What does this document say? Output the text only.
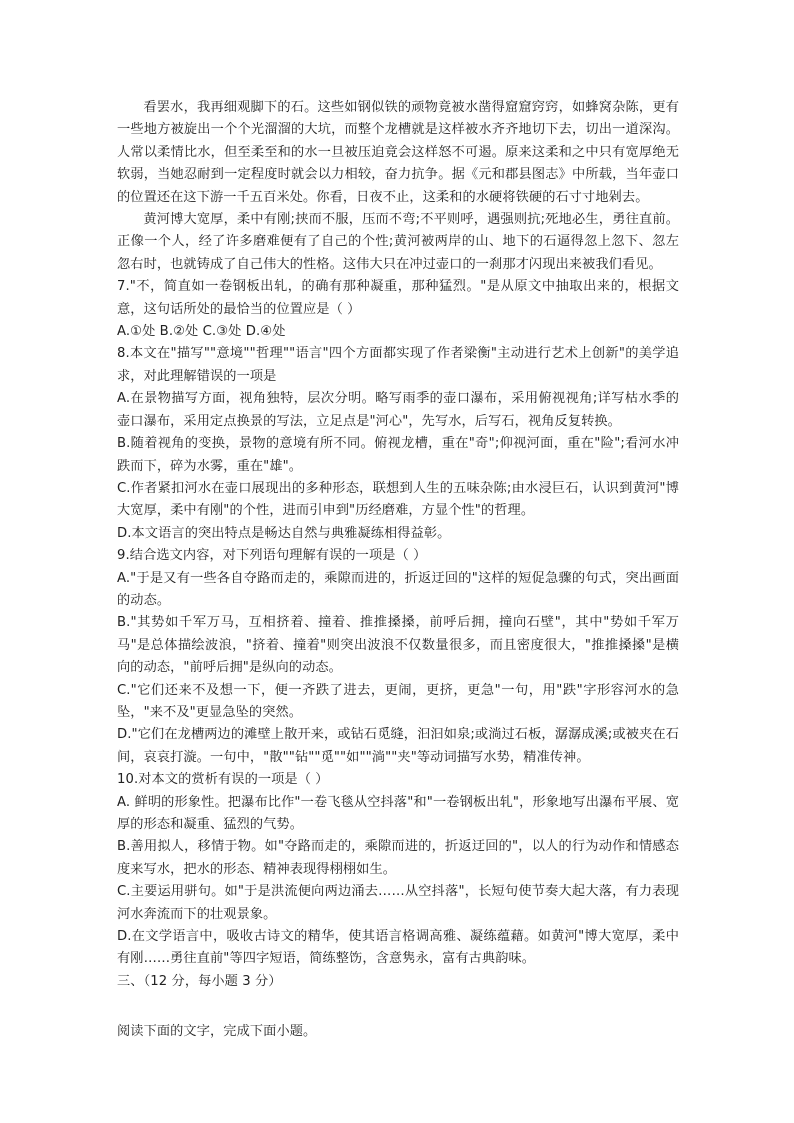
看罢水，我再细观脚下的石。这些如钢似铁的顽物竟被水凿得窟窟窍窍，如蜂窝杂陈，更有一些地方被旋出一个个光溜溜的大坑，而整个龙槽就是这样被水齐齐地切下去，切出一道深沟。人常以柔情比水，但至柔至和的水一旦被压迫竟会这样怒不可遏。原来这柔和之中只有宽厚绝无软弱，当她忍耐到一定程度时就会以力相较，奋力抗争。据《元和郡县图志》中所载，当年壶口的位置还在这下游一千五百米处。你看，日夜不止，这柔和的水硬将铁硬的石寸寸地剁去。

黄河博大宽厚，柔中有刚;挟而不服，压而不弯;不平则呼，遇强则抗;死地必生，勇往直前。正像一个人，经了许多磨难便有了自己的个性;黄河被两岸的山、地下的石逼得忽上忽下、忽左忽右时，也就铸成了自己伟大的性格。这伟大只在冲过壶口的一刹那才闪现出来被我们看见。

7."不，简直如一卷钢板出轧，的确有那种凝重，那种猛烈。"是从原文中抽取出来的，根据文意，这句话所处的最恰当的位置应是（ ）

A.①处 B.②处 C.③处 D.④处

8.本文在"描写""意境""哲理""语言"四个方面都实现了作者梁衡"主动进行艺术上创新"的美学追求，对此理解错误的一项是

A.在景物描写方面，视角独特，层次分明。略写雨季的壶口瀑布，采用俯视视角;详写枯水季的壶口瀑布，采用定点换景的写法，立足点是"河心"，先写水，后写石，视角反复转换。

B.随着视角的变换，景物的意境有所不同。俯视龙槽，重在"奇";仰视河面，重在"险";看河水冲跌而下，碎为水雾，重在"雄"。

C.作者紧扣河水在壶口展现出的多种形态，联想到人生的五味杂陈;由水浸巨石，认识到黄河"博大宽厚，柔中有刚"的个性，进而引申到"历经磨难，方显个性"的哲理。

D.本文语言的突出特点是畅达自然与典雅凝练相得益彰。

9.结合选文内容，对下列语句理解有误的一项是（ ）

A."于是又有一些各自夺路而走的，乘隙而进的，折返迂回的"这样的短促急骤的句式，突出画面的动态。

B."其势如千军万马，互相挤着、撞着、推推搡搡，前呼后拥，撞向石壁"，其中"势如千军万马"是总体描绘波浪，"挤着、撞着"则突出波浪不仅数量很多，而且密度很大，"推推搡搡"是横向的动态，"前呼后拥"是纵向的动态。

C."它们还来不及想一下，便一齐跌了进去，更闹，更挤，更急"一句，用"跌"字形容河水的急坠，"来不及"更显急坠的突然。

D."它们在龙槽两边的滩壁上散开来，或钻石觅缝，汩汩如泉;或淌过石板，潺潺成溪;或被夹在石间，哀哀打漩。一句中，"散""钻""觅""如""淌""夹"等动词描写水势，精准传神。

10.对本文的赏析有误的一项是（ ）

A. 鲜明的形象性。把瀑布比作"一卷飞毯从空抖落"和"一卷钢板出轧"，形象地写出瀑布平展、宽厚的形态和凝重、猛烈的气势。

B.善用拟人，移情于物。如"夺路而走的，乘隙而进的，折返迂回的"，以人的行为动作和情感态度来写水，把水的形态、精神表现得栩栩如生。

C.主要运用骈句。如"于是洪流便向两边涌去……从空抖落"，长短句使节奏大起大落，有力表现河水奔流而下的壮观景象。

D.在文学语言中，吸收古诗文的精华，使其语言格调高雅、凝练蕴藉。如黄河"博大宽厚，柔中有刚……勇往直前"等四字短语，简练整饬，含意隽永，富有古典韵味。

三、（12 分，每小题 3 分）

阅读下面的文字，完成下面小题。
